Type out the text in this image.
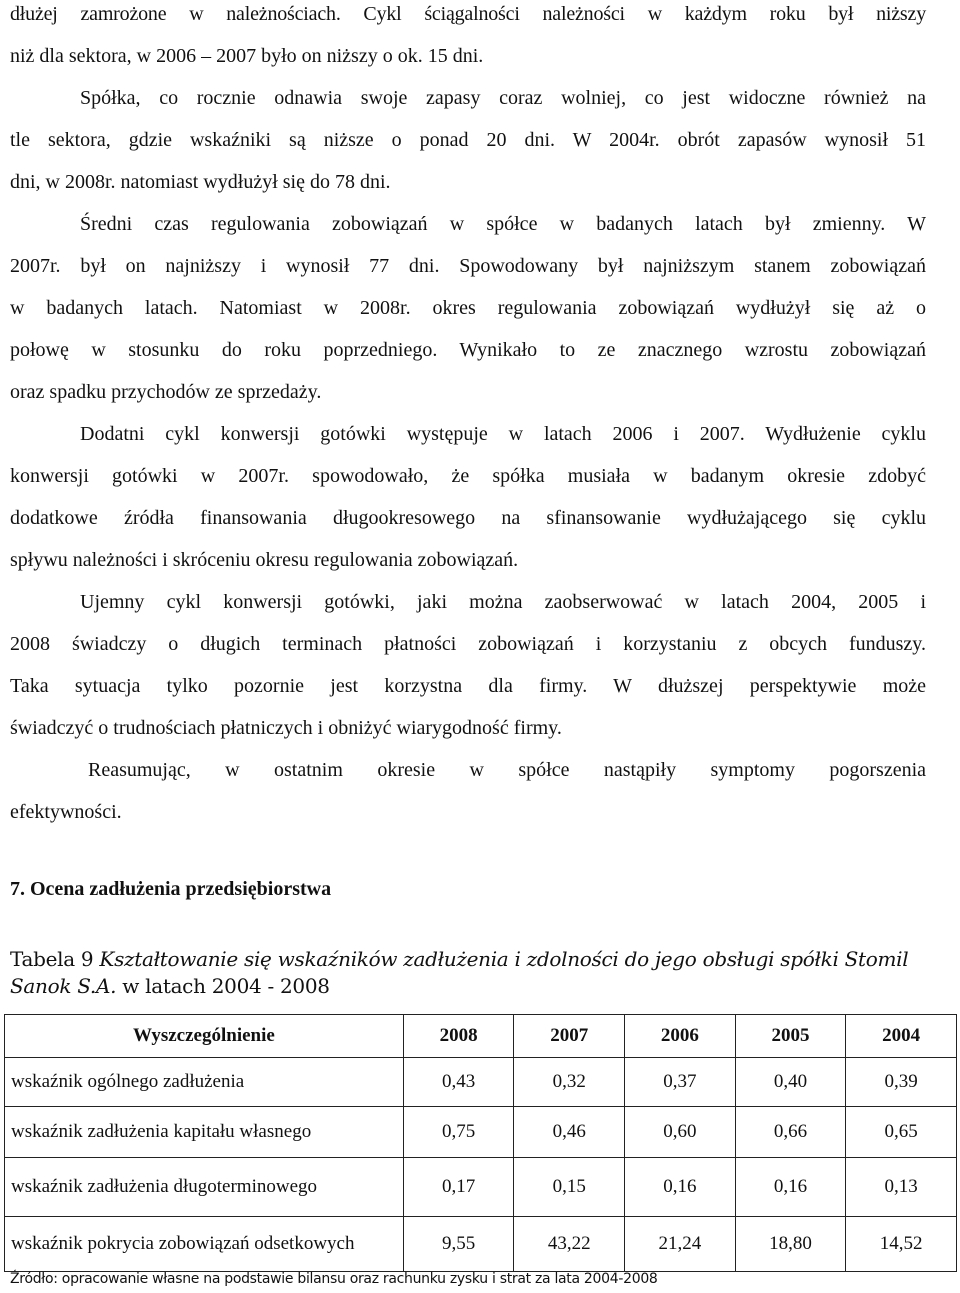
dłużej zamrożone w należnościach. Cykl ściągalności należności w każdym roku był niższy
niż dla sektora, w 2006 – 2007 było on niższy o ok. 15 dni.
Spółka, co rocznie odnawia swoje zapasy coraz wolniej, co jest widoczne również na
tle sektora, gdzie wskaźniki są niższe o ponad 20 dni. W 2004r. obrót zapasów wynosił 51
dni, w 2008r. natomiast wydłużył się do 78 dni.
Średni czas regulowania zobowiązań w spółce w badanych latach był zmienny. W
2007r. był on najniższy i wynosił 77 dni. Spowodowany był najniższym stanem zobowiązań
w badanych latach. Natomiast w 2008r. okres regulowania zobowiązań wydłużył się aż o
połowę w stosunku do roku poprzedniego. Wynikało to ze znacznego wzrostu zobowiązań
oraz spadku przychodów ze sprzedaży.
Dodatni cykl konwersji gotówki występuje w latach 2006 i 2007. Wydłużenie cyklu
konwersji gotówki w 2007r. spowodowało, że spółka musiała w badanym okresie zdobyć
dodatkowe źródła finansowania długookresowego na sfinansowanie wydłużającego się cyklu
spływu należności i skróceniu okresu regulowania zobowiązań.
Ujemny cykl konwersji gotówki, jaki można zaobserwować w latach 2004, 2005 i
2008 świadczy o długich terminach płatności zobowiązań i korzystaniu z obcych funduszy.
Taka sytuacja tylko pozornie jest korzystna dla firmy. W dłuższej perspektywie może
świadczyć o trudnościach płatniczych i obniżyć wiarygodność firmy.
Reasumując, w ostatnim okresie w spółce nastąpiły symptomy pogorszenia
efektywności.
7. Ocena zadłużenia przedsiębiorstwa
Tabela 9 Kształtowanie się wskaźników zadłużenia i zdolności do jego obsługi spółki Stomil
Sanok S.A. w latach 2004 - 2008
Wyszczególnienie	2008	2007	2006	2005	2004
wskaźnik ogólnego zadłużenia	0,43	0,32	0,37	0,40	0,39
wskaźnik zadłużenia kapitału własnego	0,75	0,46	0,60	0,66	0,65
wskaźnik zadłużenia długoterminowego	0,17	0,15	0,16	0,16	0,13
wskaźnik pokrycia zobowiązań odsetkowych	9,55	43,22	21,24	18,80	14,52
Źródło: opracowanie własne na podstawie bilansu oraz rachunku zysku i strat za lata 2004-2008
